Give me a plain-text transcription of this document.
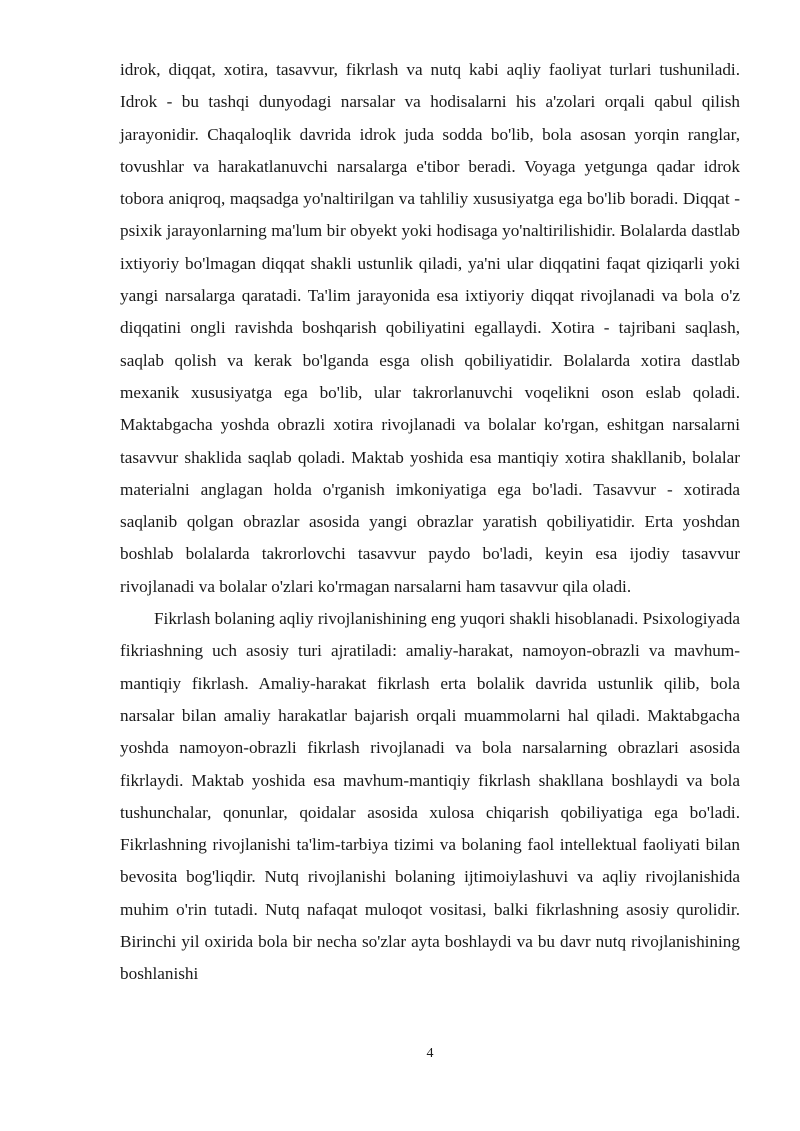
idrok, diqqat, xotira, tasavvur, fikrlash va nutq kabi aqliy faoliyat turlari tushuniladi. Idrok - bu tashqi dunyodagi narsalar va hodisalarni his a'zolari orqali qabul qilish jarayonidir. Chaqaloqlik davrida idrok juda sodda bo'lib, bola asosan yorqin ranglar, tovushlar va harakatlanuvchi narsalarga e'tibor beradi. Voyaga yetgunga qadar idrok tobora aniqroq, maqsadga yo'naltirilgan va tahliliy xususiyatga ega bo'lib boradi. Diqqat - psixik jarayonlarning ma'lum bir obyekt yoki hodisaga yo'naltirilishidir. Bolalarda dastlab ixtiyoriy bo'lmagan diqqat shakli ustunlik qiladi, ya'ni ular diqqatini faqat qiziqarli yoki yangi narsalarga qaratadi. Ta'lim jarayonida esa ixtiyoriy diqqat rivojlanadi va bola o'z diqqatini ongli ravishda boshqarish qobiliyatini egallaydi. Xotira - tajribani saqlash, saqlab qolish va kerak bo'lganda esga olish qobiliyatidir. Bolalarda xotira dastlab mexanik xususiyatga ega bo'lib, ular takrorlanuvchi voqelikni oson eslab qoladi. Maktabgacha yoshda obrazli xotira rivojlanadi va bolalar ko'rgan, eshitgan narsalarni tasavvur shaklida saqlab qoladi. Maktab yoshida esa mantiqiy xotira shakllanib, bolalar materialni anglagan holda o'rganish imkoniyatiga ega bo'ladi. Tasavvur - xotirada saqlanib qolgan obrazlar asosida yangi obrazlar yaratish qobiliyatidir. Erta yoshdan boshlab bolalarda takrorlovchi tasavvur paydo bo'ladi, keyin esa ijodiy tasavvur rivojlanadi va bolalar o'zlari ko'rmagan narsalarni ham tasavvur qila oladi.

Fikrlash bolaning aqliy rivojlanishining eng yuqori shakli hisoblanadi. Psixologiyada fikriashning uch asosiy turi ajratiladi: amaliy-harakat, namoyon-obrazli va mavhum-mantiqiy fikrlash. Amaliy-harakat fikrlash erta bolalik davrida ustunlik qilib, bola narsalar bilan amaliy harakatlar bajarish orqali muammolarni hal qiladi. Maktabgacha yoshda namoyon-obrazli fikrlash rivojlanadi va bola narsalarning obrazlari asosida fikrlaydi. Maktab yoshida esa mavhum-mantiqiy fikrlash shakllana boshlaydi va bola tushunchalar, qonunlar, qoidalar asosida xulosa chiqarish qobiliyatiga ega bo'ladi. Fikrlashning rivojlanishi ta'lim-tarbiya tizimi va bolaning faol intellektual faoliyati bilan bevosita bog'liqdir. Nutq rivojlanishi bolaning ijtimoiylashuvi va aqliy rivojlanishida muhim o'rin tutadi. Nutq nafaqat muloqot vositasi, balki fikrlashning asosiy qurolidir. Birinchi yil oxirida bola bir necha so'zlar ayta boshlaydi va bu davr nutq rivojlanishining boshlanishi

4
